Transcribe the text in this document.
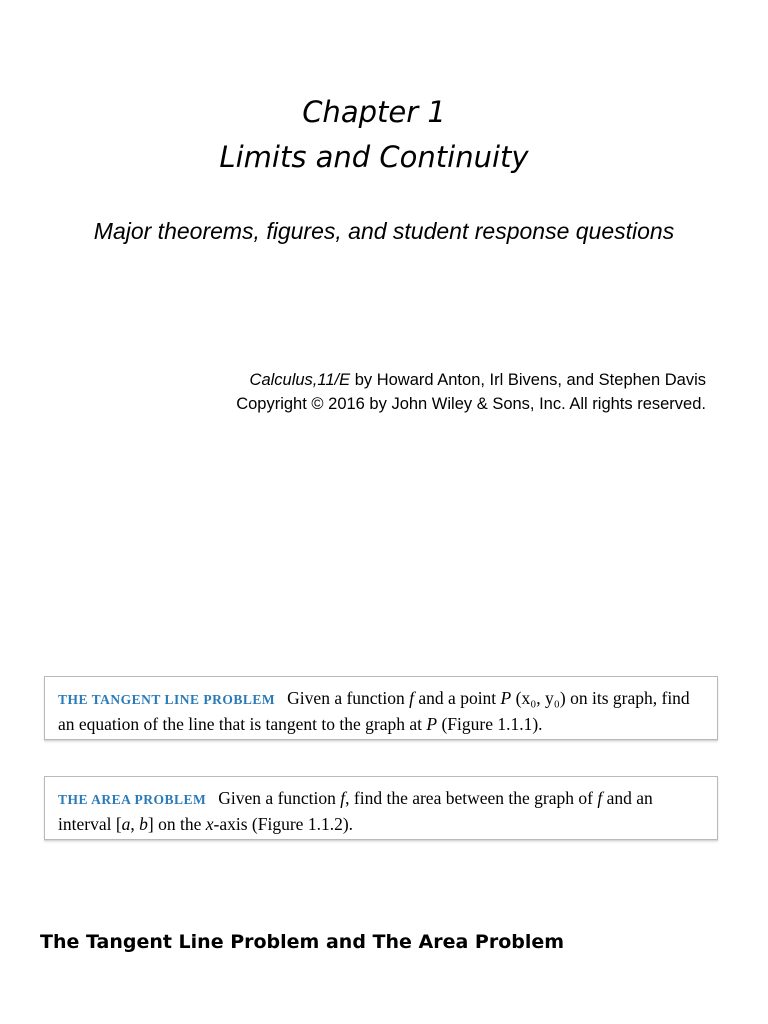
Chapter 1
Limits and Continuity
Major theorems, figures, and student response questions
Calculus,11/E by Howard Anton, Irl Bivens, and Stephen Davis
Copyright © 2016 by John Wiley & Sons, Inc. All rights reserved.
THE TANGENT LINE PROBLEM Given a function f and a point P (x₀, y₀) on its graph, find an equation of the line that is tangent to the graph at P (Figure 1.1.1).
THE AREA PROBLEM Given a function f, find the area between the graph of f and an interval [a, b] on the x-axis (Figure 1.1.2).
The Tangent Line Problem and The Area Problem
